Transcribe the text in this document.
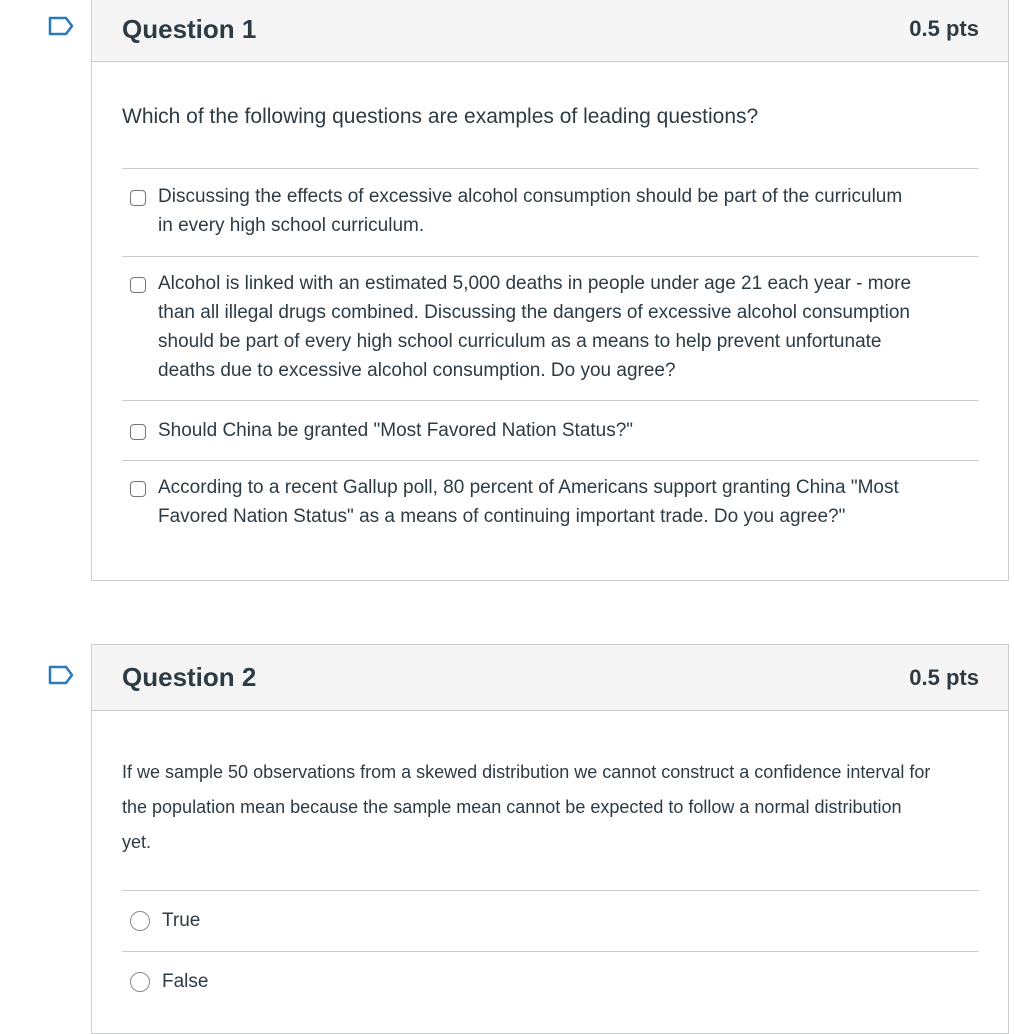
Question 1	0.5 pts
Which of the following questions are examples of leading questions?
Discussing the effects of excessive alcohol consumption should be part of the curriculum
in every high school curriculum.
Alcohol is linked with an estimated 5,000 deaths in people under age 21 each year - more
than all illegal drugs combined. Discussing the dangers of excessive alcohol consumption
should be part of every high school curriculum as a means to help prevent unfortunate
deaths due to excessive alcohol consumption. Do you agree?
Should China be granted "Most Favored Nation Status?"
According to a recent Gallup poll, 80 percent of Americans support granting China "Most
Favored Nation Status" as a means of continuing important trade. Do you agree?"
Question 2	0.5 pts
If we sample 50 observations from a skewed distribution we cannot construct a confidence interval for
the population mean because the sample mean cannot be expected to follow a normal distribution
yet.
True
False
